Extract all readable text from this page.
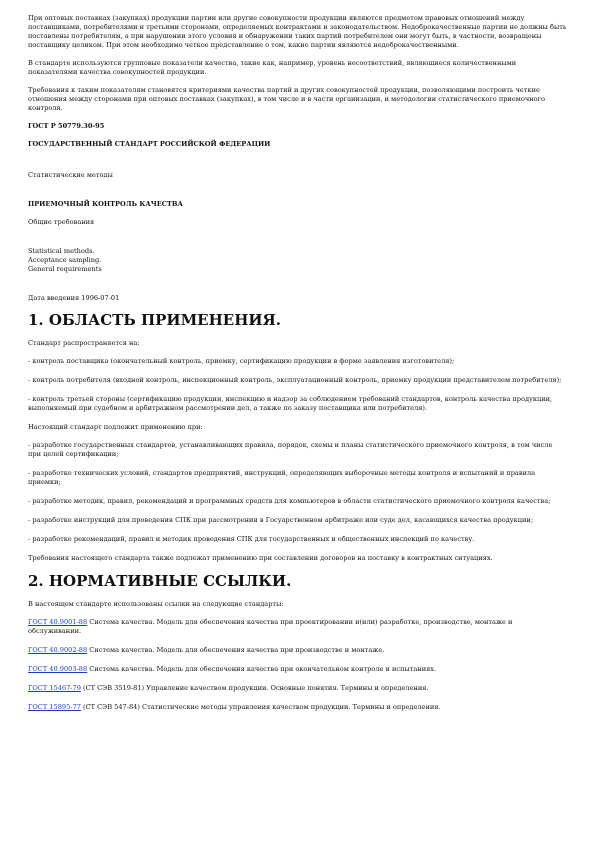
При оптовых поставках (закупках) продукции партии или другие совокупности продукции являются предметом правовых отношений между поставщиками, потребителями и третьими сторонами, определяемых контрактами и законодательством. Недоброкачественные партии не должны быть поставлены потребителям, а при нарушении этого условия и обнаружении таких партий потребителем они могут быть, в частности, возвращены поставщику целиком. При этом необходимо четкое представление о том, какие партии являются недоброкачественными.

В стандарте используются групповые показатели качества, такие как, например, уровень несоответствий, являющиеся количественными показателями качества совокупностей продукции.

Требования к таким показателям становятся критериями качества партий и других совокупностей продукции, позволяющими построить четкие отношения между сторонами при оптовых поставках (закупках), в том числе и в части организации, и методологии статистического приемочного контроля.

ГОСТ Р 50779.30-95
ГОСУДАРСТВЕННЫЙ СТАНДАРТ РОССИЙСКОЙ ФЕДЕРАЦИИ
Статистические методы
ПРИЕМОЧНЫЙ КОНТРОЛЬ КАЧЕСТВА
Общие требования
Statistical methods.
Acceptance sampling.
General requirements
Дата введения 1996-07-01
1. ОБЛАСТЬ ПРИМЕНЕНИЯ.

Стандарт распространяется на:

- контроль поставщика (окончательный контроль, приемку, сертификацию продукции в форме заявления изготовителя);

- контроль потребителя (входной контроль, инспекционный контроль, эксплуатационный контроль, приемку продукции представителем потребителя);

- контроль третьей стороны (сертификацию продукции, инспекцию и надзор за соблюдением требований стандартов, контроль качества продукции, выполняемый при судебном и арбитражном рассмотрении дел, а также по заказу поставщика или потребителя).

Настоящий стандарт подлежит применению при:

- разработке государственных стандартов, устанавливающих правила, порядок, схемы и планы статистического приемочного контроля, в том числе при целей сертификации;

- разработке технических условий, стандартов предприятий, инструкций, определяющих выборочные методы контроля и испытаний и правила приемки;

- разработке методик, правил, рекомендаций и программных средств для компьютеров в области статистического приемочного контроля качества;

- разработке инструкций для проведения СПК при рассмотрении в Госуарственном арбитраже или суде дел, касающихся качества продукции;

- разработке рекомендаций, правил и методик проведения СПК для государственных и общественных инспекций по качеству.

Требования настоящего стандарта также подлежат применению при составлении договоров на поставку в контрактных ситуациях.

2. НОРМАТИВНЫЕ ССЫЛКИ.

В настоящем стандарте использованы ссылки на следующие стандарты:

ГОСТ 40.9001-88 Система качества. Модель для обеспечения качества при проектировании и(или) разработке, производстве, монтаже и обслуживании.

ГОСТ 40.9002-88 Система качества. Модель для обеспечения качества при производстве и монтаже.

ГОСТ 40.9003-88 Система качества. Модель для обеспечения качества при окончательном контроле и испытаниях.

ГОСТ 15467-79 (СТ СЭВ 3519-81) Управление качеством продукции. Основные понятия. Термины и определения.

ГОСТ 15895-77 (СТ СЭВ 547-84) Статистические методы управления качеством продукции. Термины и определения.
